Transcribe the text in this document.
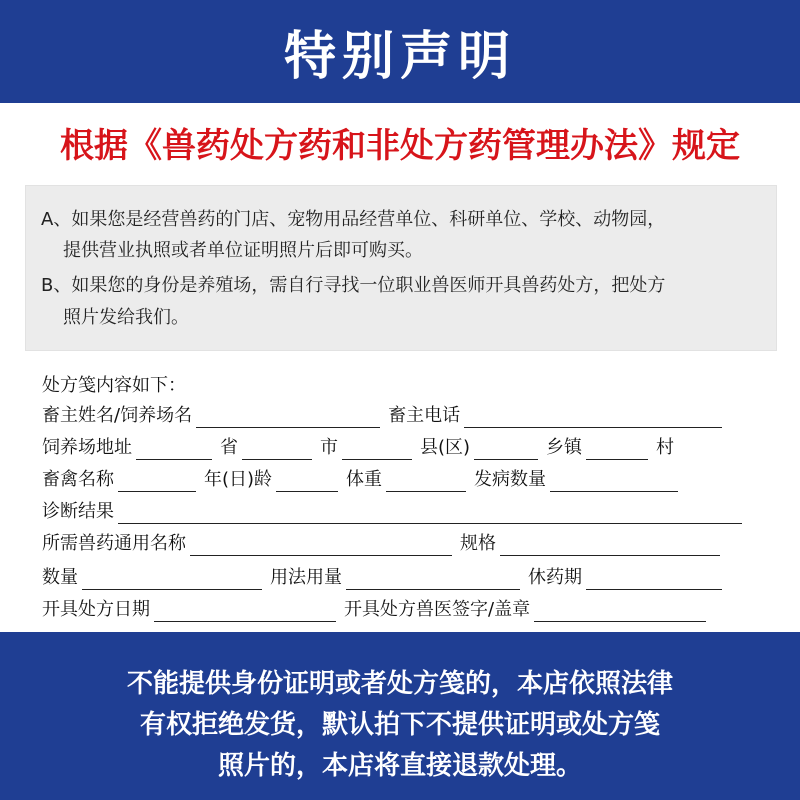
特别声明
根据《兽药处方药和非处方药管理办法》规定

A、如果您是经营兽药的门店、宠物用品经营单位、科研单位、学校、动物园，

提供营业执照或者单位证明照片后即可购买。

B、如果您的身份是养殖场，需自行寻找一位职业兽医师开具兽药处方，把处方

照片发给我们。

处方笺内容如下：
畜主姓名/饲养场名	畜主电话
饲养场地址	省	市	县(区)	乡镇	村
畜禽名称	年(日)龄	体重	发病数量
诊断结果
所需兽药通用名称	规格
数量	用法用量	休药期
开具处方日期	开具处方兽医签字/盖章

不能提供身份证明或者处方笺的，本店依照法律

有权拒绝发货，默认拍下不提供证明或处方笺

照片的，本店将直接退款处理。
